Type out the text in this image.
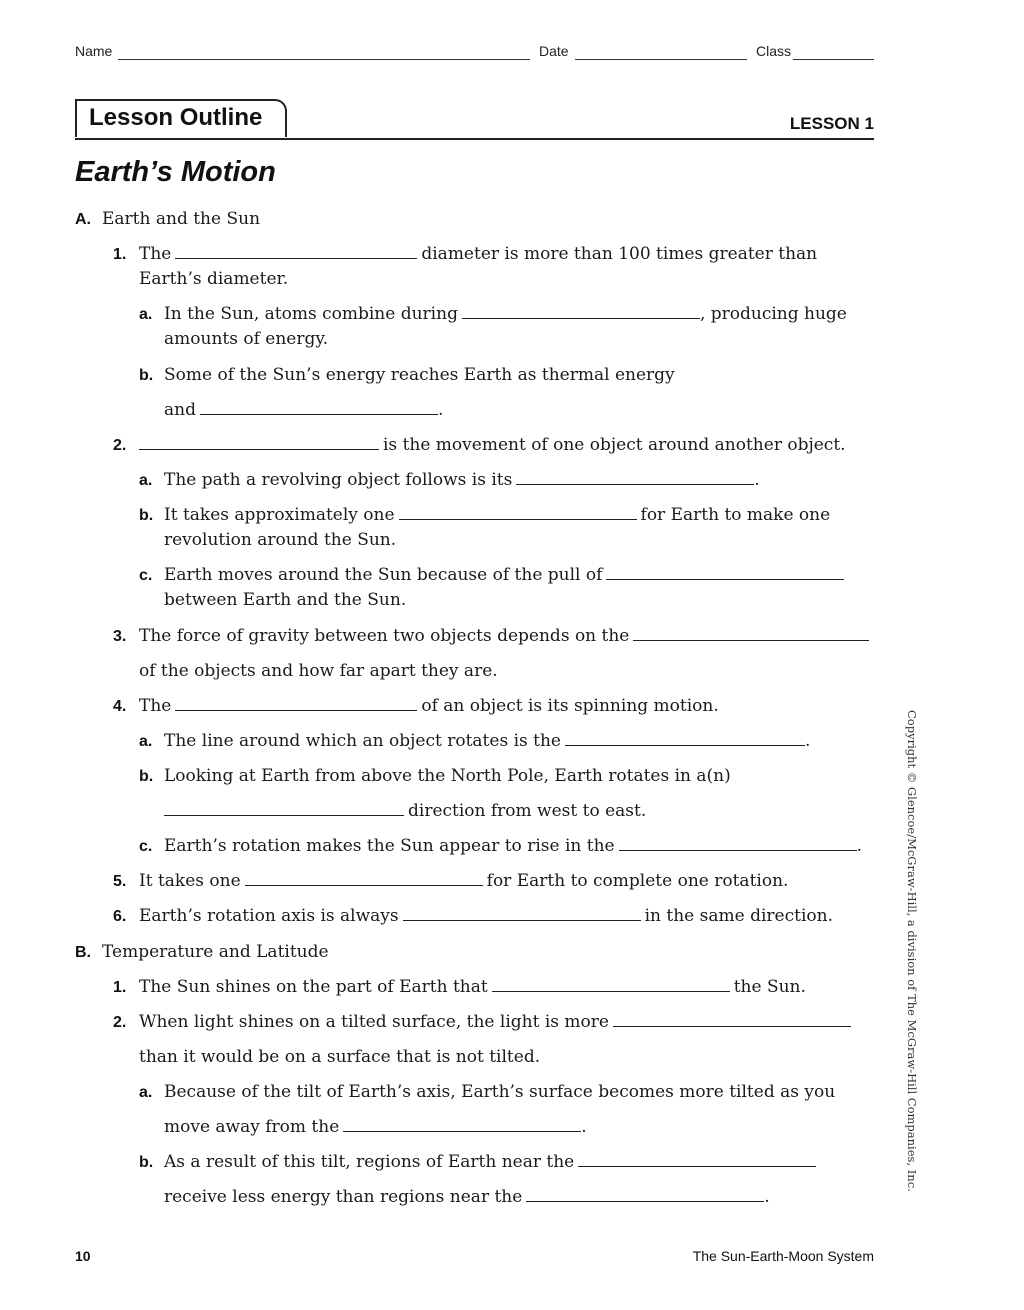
Name	Date	Class
Lesson Outline	LESSON 1
Earth’s Motion
A. Earth and the Sun
1. The	diameter is more than 100 times greater than
Earth’s diameter.
a. In the Sun, atoms combine during	, producing huge
amounts of energy.
b. Some of the Sun’s energy reaches Earth as thermal energy
and	.
2.	is the movement of one object around another object.
a. The path a revolving object follows is its	.
b. It takes approximately one	for Earth to make one
revolution around the Sun.
c. Earth moves around the Sun because of the pull of
between Earth and the Sun.
3. The force of gravity between two objects depends on the
of the objects and how far apart they are.
4. The	of an object is its spinning motion.
a. The line around which an object rotates is the	.
b. Looking at Earth from above the North Pole, Earth rotates in a(n)
direction from west to east.
c. Earth’s rotation makes the Sun appear to rise in the	.
5. It takes one	for Earth to complete one rotation.
6. Earth’s rotation axis is always	in the same direction.
B. Temperature and Latitude
1. The Sun shines on the part of Earth that	the Sun.
2. When light shines on a tilted surface, the light is more
than it would be on a surface that is not tilted.
a. Because of the tilt of Earth’s axis, Earth’s surface becomes more tilted as you
move away from the	.
b. As a result of this tilt, regions of Earth near the
receive less energy than regions near the	.
Copyright © Glencoe/McGraw-Hill, a division of The McGraw-Hill Companies, Inc.
10	The Sun-Earth-Moon System
